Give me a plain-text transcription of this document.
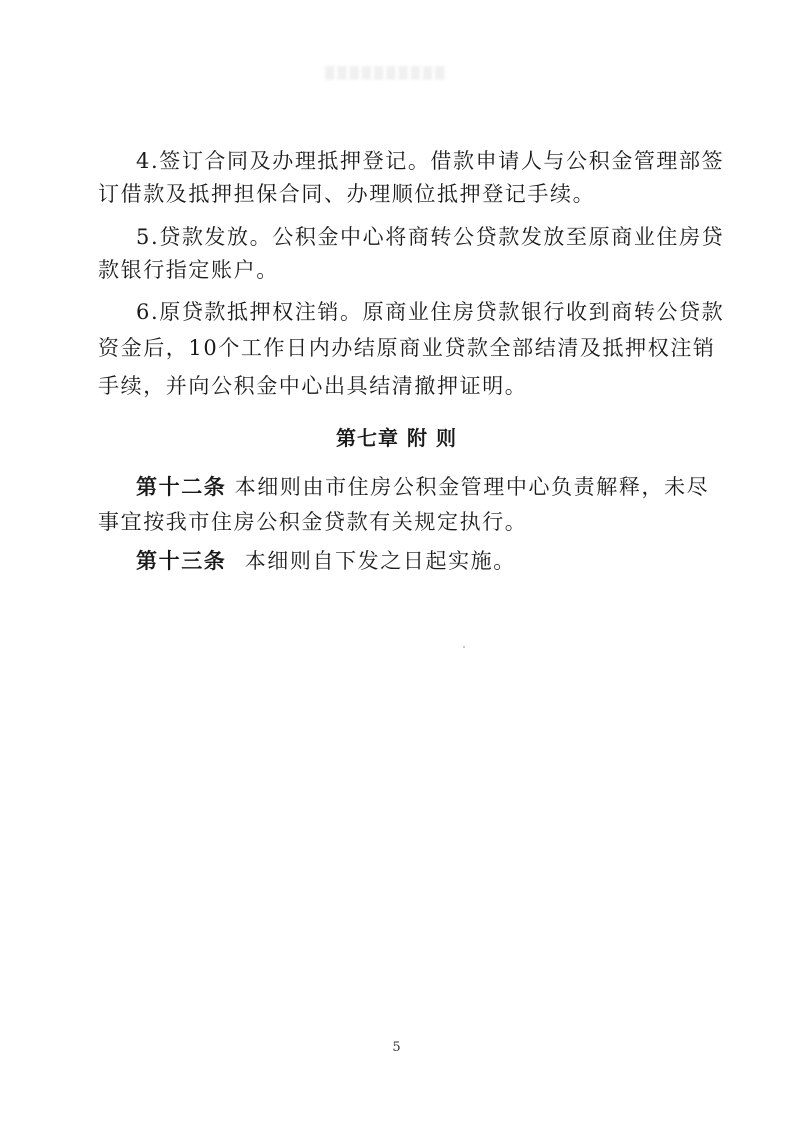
▓▓▓▓▓▓▓▓▓▓
4.签订合同及办理抵押登记。借款申请人与公积金管理部签
订借款及抵押担保合同、办理顺位抵押登记手续。
5.贷款发放。公积金中心将商转公贷款发放至原商业住房贷
款银行指定账户。
6.原贷款抵押权注销。原商业住房贷款银行收到商转公贷款
资金后，10个工作日内办结原商业贷款全部结清及抵押权注销
手续，并向公积金中心出具结清撤押证明。
第七章 附 则
第十二条 本细则由市住房公积金管理中心负责解释，未尽
事宜按我市住房公积金贷款有关规定执行。
第十三条 本细则自下发之日起实施。
5
